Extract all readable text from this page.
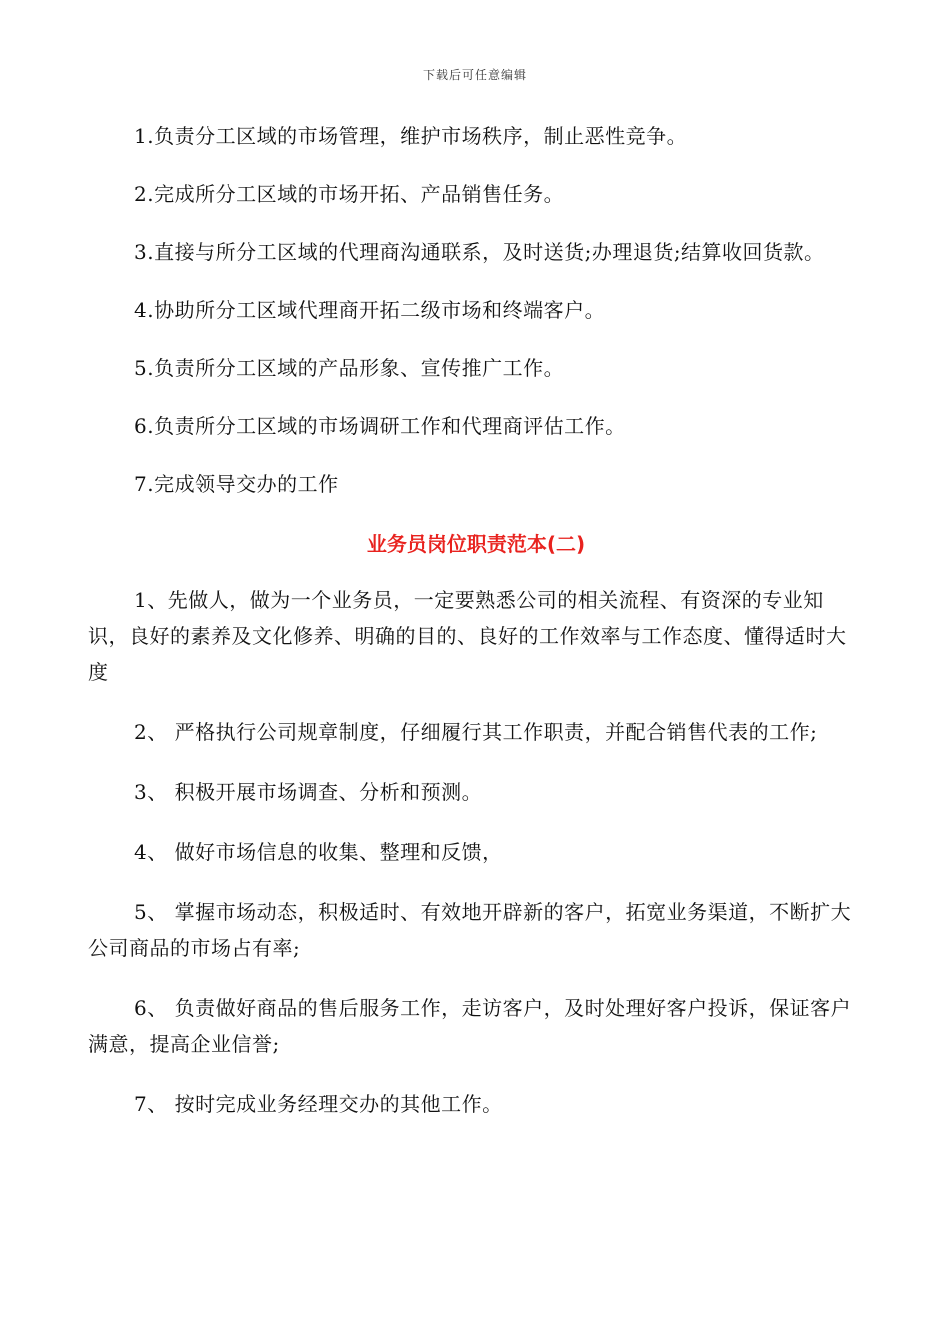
下载后可任意编辑

1.负责分工区域的市场管理，维护市场秩序，制止恶性竞争。

2.完成所分工区域的市场开拓、产品销售任务。

3.直接与所分工区域的代理商沟通联系，及时送货;办理退货;结算收回货款。

4.协助所分工区域代理商开拓二级市场和终端客户。

5.负责所分工区域的产品形象、宣传推广工作。

6.负责所分工区域的市场调研工作和代理商评估工作。

7.完成领导交办的工作

业务员岗位职责范本(二)

1、先做人，做为一个业务员，一定要熟悉公司的相关流程、有资深的专业知识，良好的素养及文化修养、明确的目的、良好的工作效率与工作态度、懂得适时大度

2、 严格执行公司规章制度，仔细履行其工作职责，并配合销售代表的工作;

3、 积极开展市场调查、分析和预测。

4、 做好市场信息的收集、整理和反馈，

5、 掌握市场动态，积极适时、有效地开辟新的客户，拓宽业务渠道，不断扩大公司商品的市场占有率;

6、 负责做好商品的售后服务工作，走访客户，及时处理好客户投诉，保证客户满意，提高企业信誉;

7、 按时完成业务经理交办的其他工作。
